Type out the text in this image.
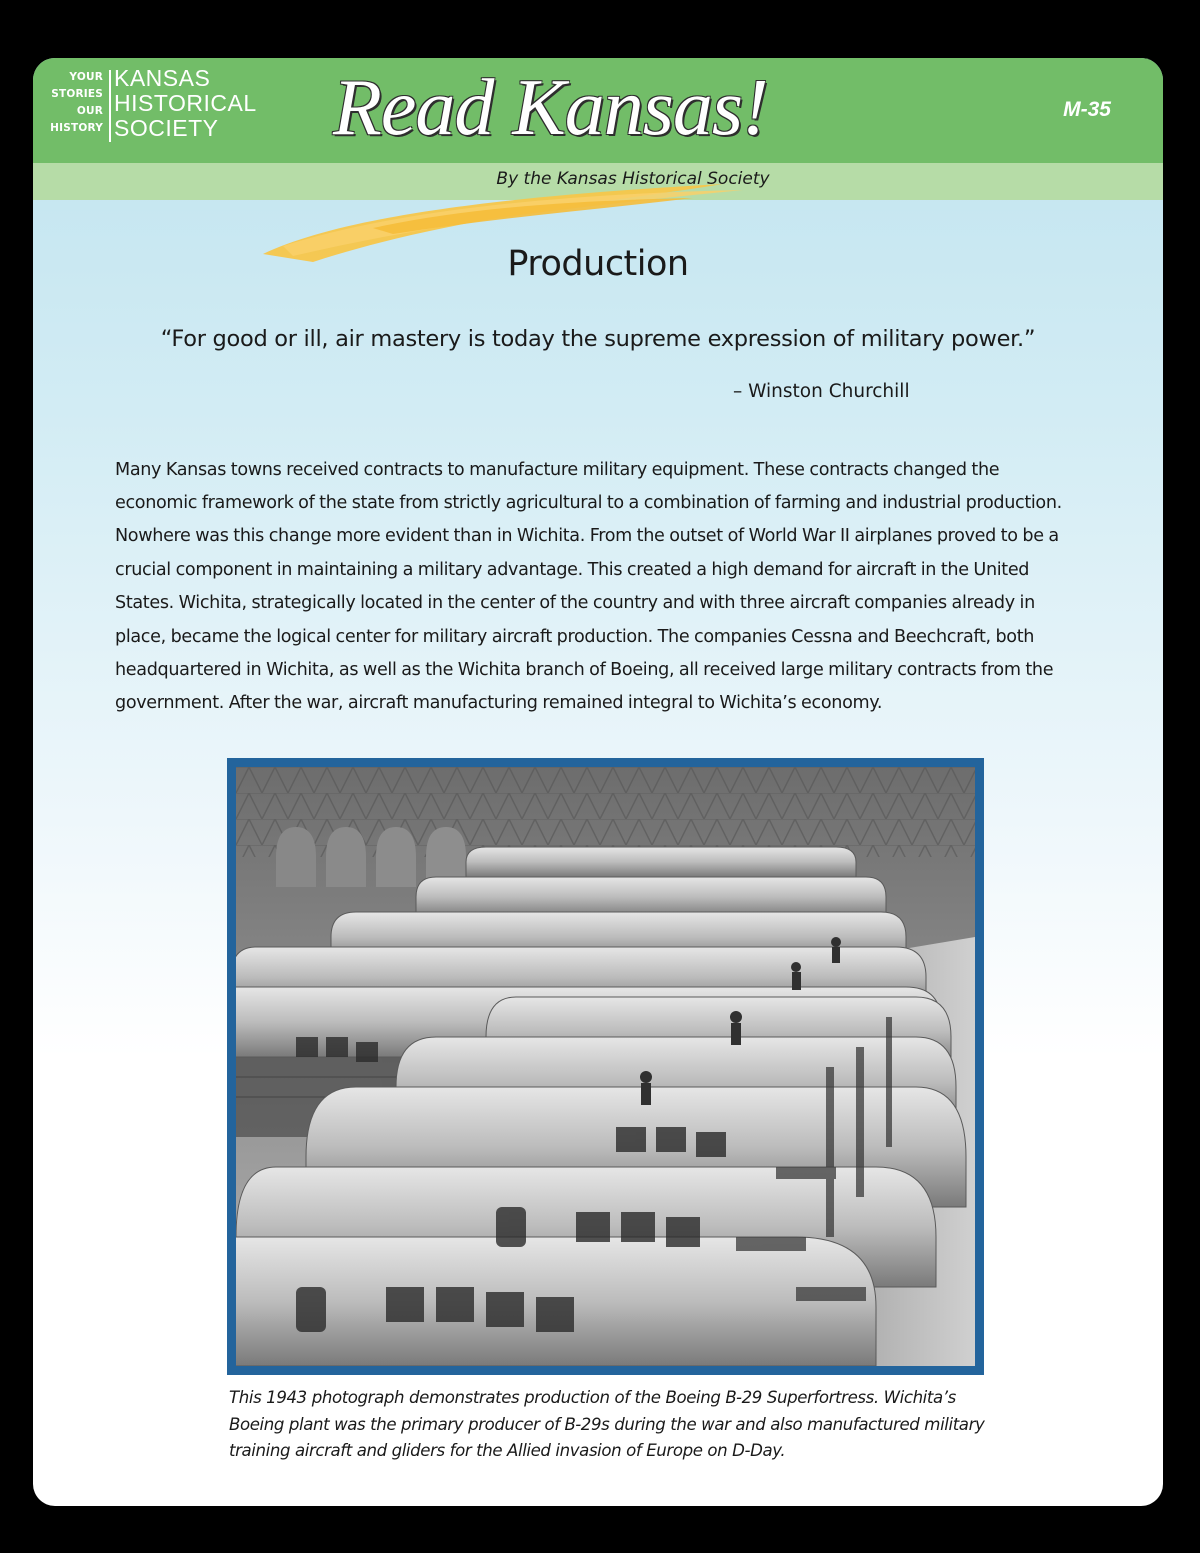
YOUR
STORIES
OUR
HISTORY
KANSAS
HISTORICAL
SOCIETY	Read Kansas!	M-35
By the Kansas Historical Society
Production
“For good or ill, air mastery is today the supreme expression of military power.”
– Winston Churchill

Many Kansas towns received contracts to manufacture military equipment. These contracts changed the economic framework of the state from strictly agricultural to a combination of farming and industrial production. Nowhere was this change more evident than in Wichita. From the outset of World War II airplanes proved to be a crucial component in maintaining a military advantage. This created a high demand for aircraft in the United States. Wichita, strategically located in the center of the country and with three aircraft companies already in place, became the logical center for military aircraft production. The companies Cessna and Beechcraft, both headquartered in Wichita, as well as the Wichita branch of Boeing, all received large military contracts from the government. After the war, aircraft manufacturing remained integral to Wichita’s economy.

This 1943 photograph demonstrates production of the Boeing B-29 Superfortress. Wichita’s Boeing plant was the primary producer of B-29s during the war and also manufactured military training aircraft and gliders for the Allied invasion of Europe on D-Day.
